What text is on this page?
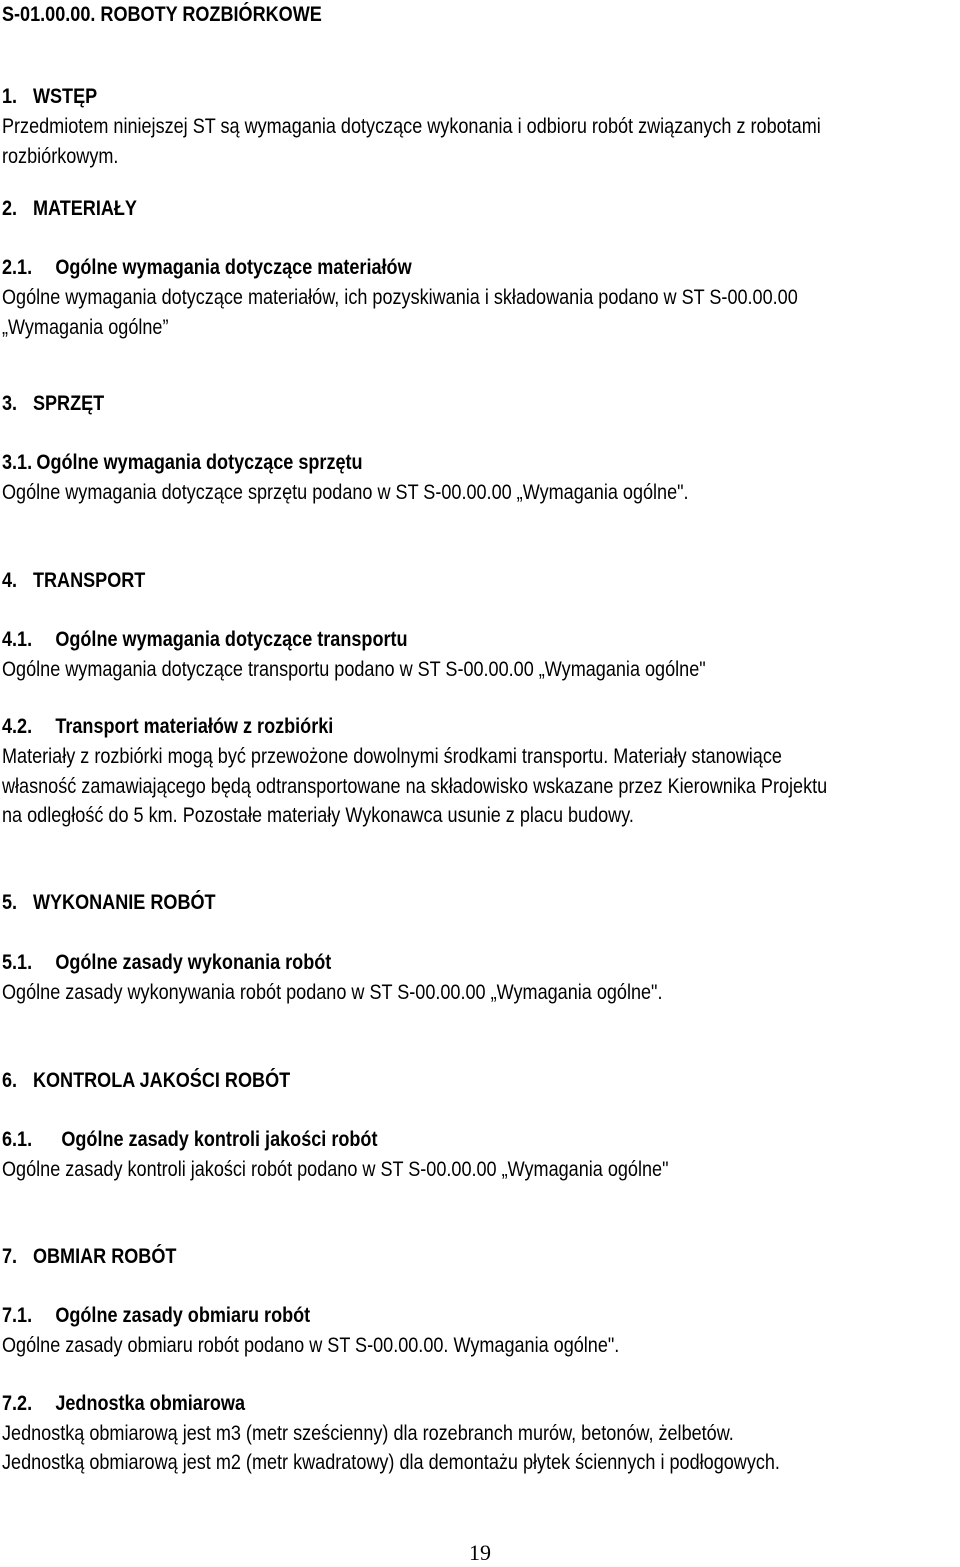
S-01.00.00. ROBOTY ROZBIÓRKOWE

1. WSTĘP

Przedmiotem niniejszej ST są wymagania dotyczące wykonania i odbioru robót związanych z robotami

rozbiórkowym.

2. MATERIAŁY

2.1. Ogólne wymagania dotyczące materiałów

Ogólne wymagania dotyczące materiałów, ich pozyskiwania i składowania podano w ST S-00.00.00

„Wymagania ogólne”

3. SPRZĘT

3.1. Ogólne wymagania dotyczące sprzętu

Ogólne wymagania dotyczące sprzętu podano w ST S-00.00.00 „Wymagania ogólne".

4. TRANSPORT

4.1. Ogólne wymagania dotyczące transportu

Ogólne wymagania dotyczące transportu podano w ST S-00.00.00 „Wymagania ogólne"

4.2. Transport materiałów z rozbiórki

Materiały z rozbiórki mogą być przewożone dowolnymi środkami transportu. Materiały stanowiące

własność zamawiającego będą odtransportowane na składowisko wskazane przez Kierownika Projektu

na odległość do 5 km. Pozostałe materiały Wykonawca usunie z placu budowy.

5. WYKONANIE ROBÓT

5.1. Ogólne zasady wykonania robót

Ogólne zasady wykonywania robót podano w ST S-00.00.00 „Wymagania ogólne".

6. KONTROLA JAKOŚCI ROBÓT

6.1. Ogólne zasady kontroli jakości robót

Ogólne zasady kontroli jakości robót podano w ST S-00.00.00 „Wymagania ogólne"

7. OBMIAR ROBÓT

7.1. Ogólne zasady obmiaru robót

Ogólne zasady obmiaru robót podano w ST S-00.00.00. Wymagania ogólne".

7.2. Jednostka obmiarowa

Jednostką obmiarową jest m3 (metr sześcienny) dla rozebranch murów, betonów, żelbetów.

Jednostką obmiarową jest m2 (metr kwadratowy) dla demontażu płytek ściennych i podłogowych.

19
